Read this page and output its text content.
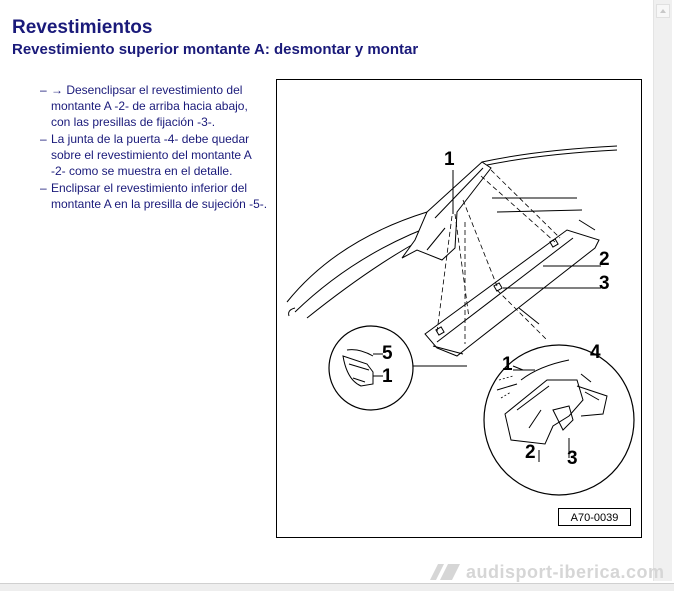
Revestimientos
Revestimiento superior montante A: desmontar y montar
– → Desenclipsar el revestimiento del montante A -2- de arriba hacia abajo, con las presillas de fijación -3-.
– La junta de la puerta -4- debe quedar sobre el revestimiento del montante A -2- como se muestra en el detalle.
– Enclipsar el revestimiento inferior del montante A en la presilla de sujeción -5-.
1
2
3
5
1
1
4
2 3
A70-0039
audisport-iberica.com
